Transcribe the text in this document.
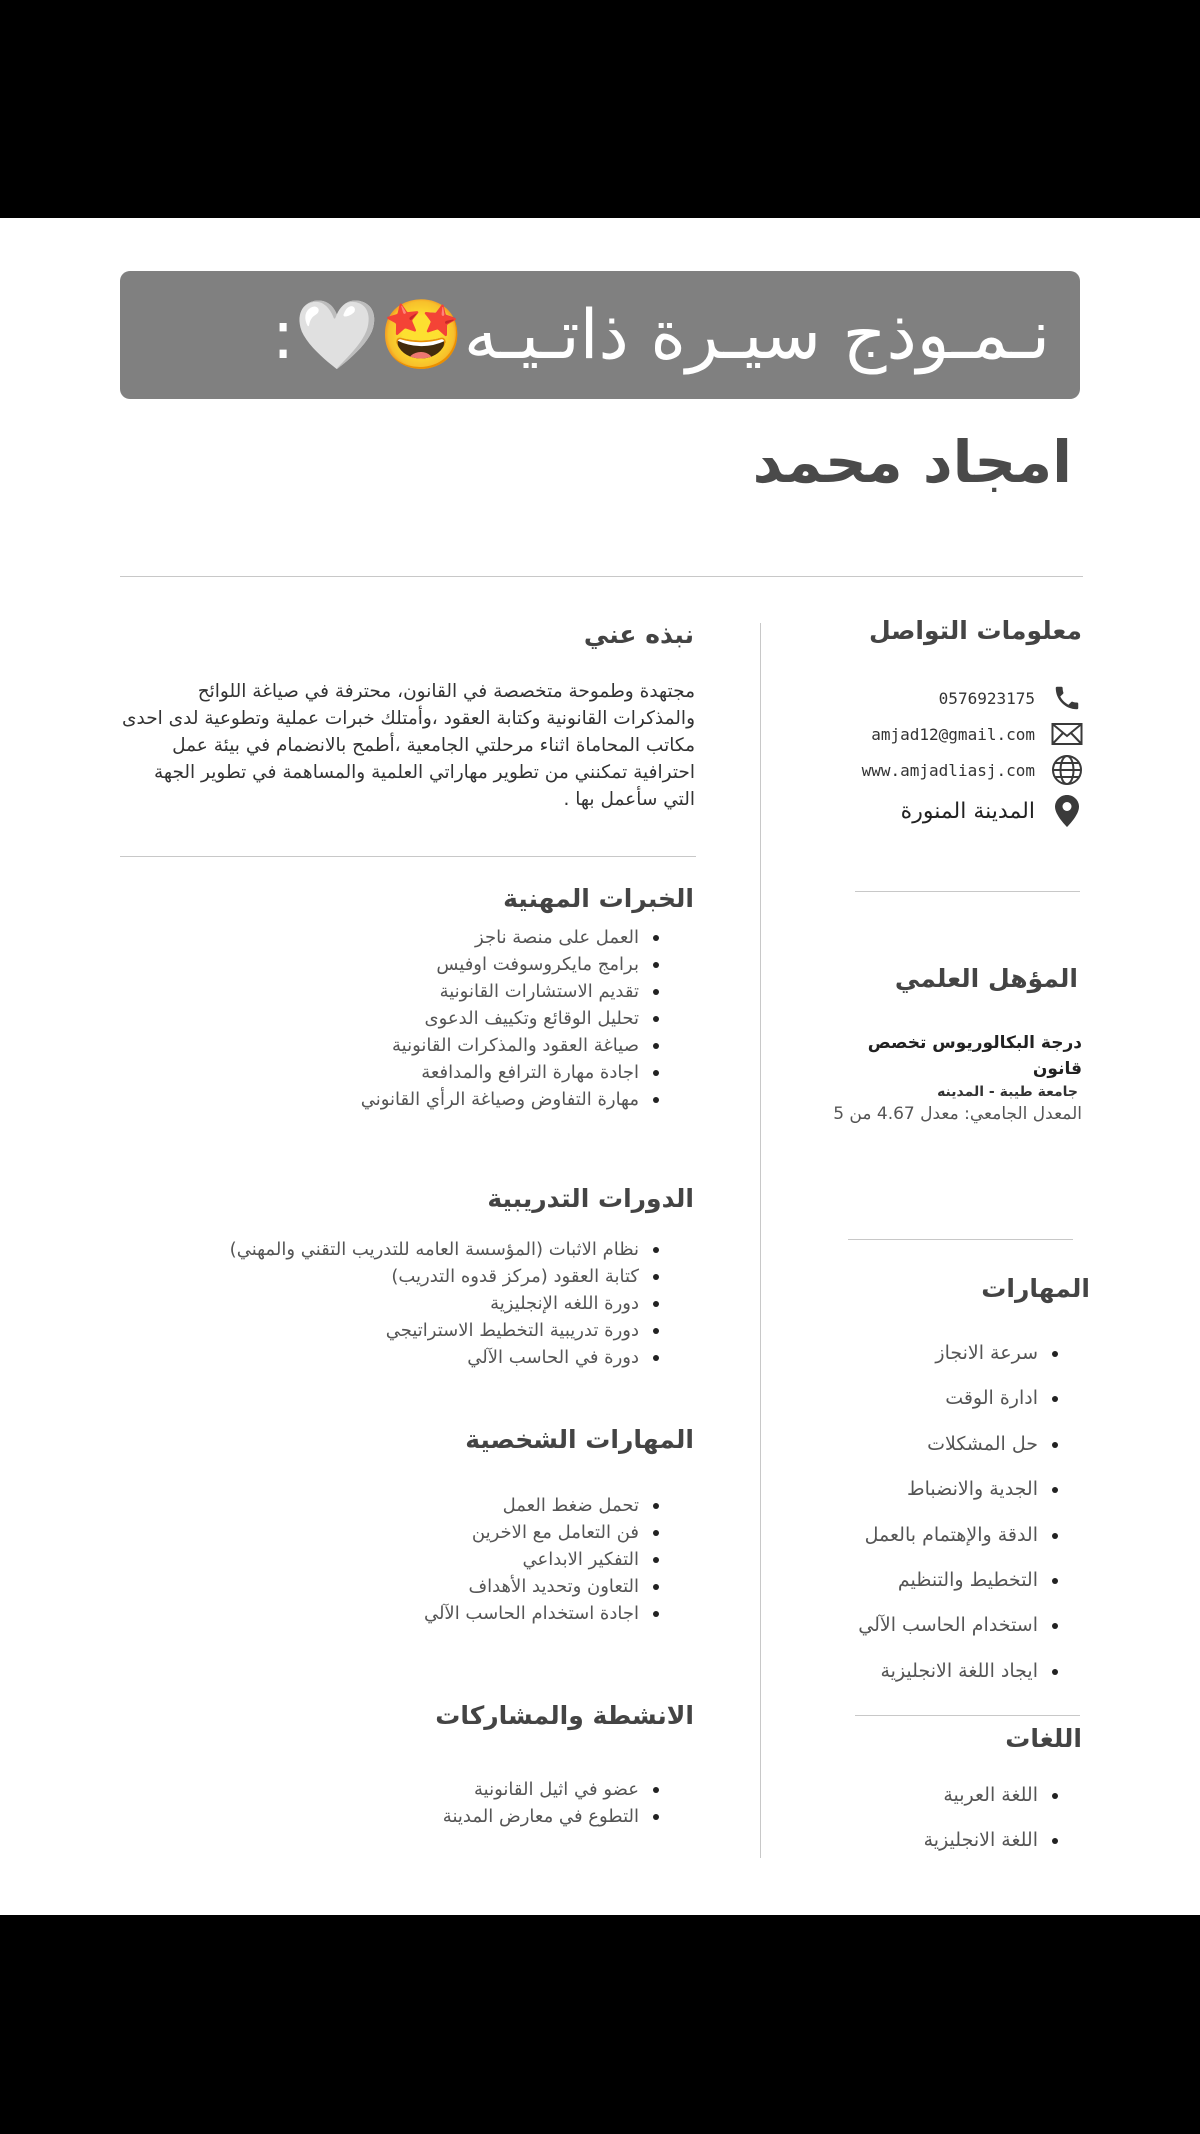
نـمـوذج سيـرة ذاتـيـه🤩🤍:
امجاد محمد
معلومات التواصل
0576923175
amjad12@gmail.com
www.amjadliasj.com
المدينة المنورة
المؤهل العلمي

درجة البكالوريوس تخصص قانون

جامعة طيبة - المدينه
المعدل الجامعي: معدل 4.67 من 5
المهارات
سرعة الانجاز
ادارة الوقت
حل المشكلات
الجدية والانضباط
الدقة والإهتمام بالعمل
التخطيط والتنظيم
استخدام الحاسب الآلي
ايجاد اللغة الانجليزية
اللغات
اللغة العربية
اللغة الانجليزية
نبذه عني

مجتهدة وطموحة متخصصة في القانون، محترفة في صياغة اللوائح والمذكرات القانونية وكتابة العقود ،وأمتلك خبرات عملية وتطوعية لدى احدى مكاتب المحاماة اثناء مرحلتي الجامعية ،أطمح بالانضمام في بيئة عمل احترافية تمكنني من تطوير مهاراتي العلمية والمساهمة في تطوير الجهة التي سأعمل بها .

الخبرات المهنية
العمل على منصة ناجز
برامج مايكروسوفت اوفيس
تقديم الاستشارات القانونية
تحليل الوقائع وتكييف الدعوى
صياغة العقود والمذكرات القانونية
اجادة مهارة الترافع والمدافعة
مهارة التفاوض وصياغة الرأي القانوني
الدورات التدريبية
نظام الاثبات (المؤسسة العامه للتدريب التقني والمهني)
كتابة العقود (مركز قدوه التدريب)
دورة اللغه الإنجليزية
دورة تدريبية التخطيط الاستراتيجي
دورة في الحاسب الآلي
المهارات الشخصية
تحمل ضغط العمل
فن التعامل مع الاخرين
التفكير الابداعي
التعاون وتحديد الأهداف
اجادة استخدام الحاسب الآلي
الانشطة والمشاركات
عضو في اثيل القانونية
التطوع في معارض المدينة
